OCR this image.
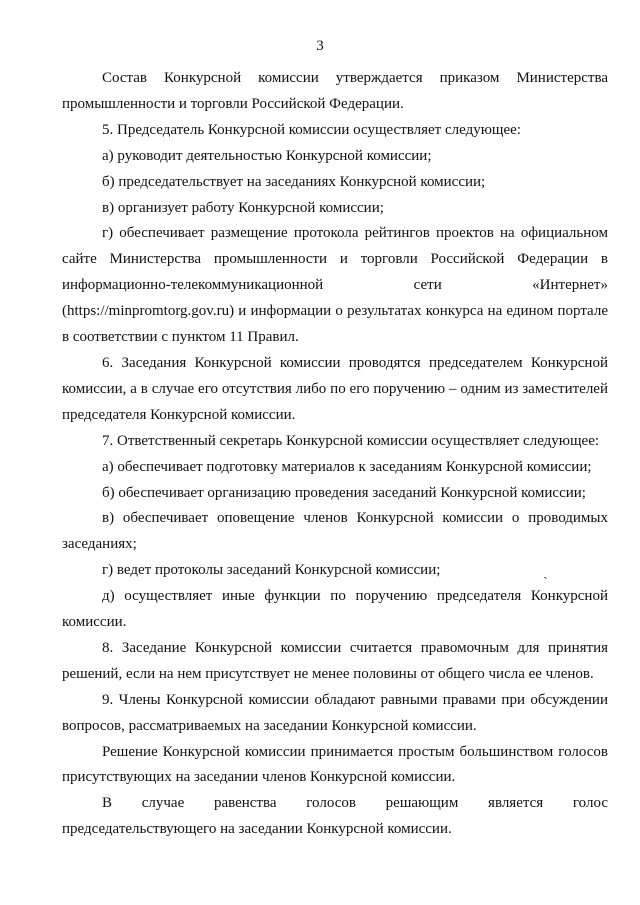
3

Состав Конкурсной комиссии утверждается приказом Министерства промышленности и торговли Российской Федерации.

5. Председатель Конкурсной комиссии осуществляет следующее:

а) руководит деятельностью Конкурсной комиссии;

б) председательствует на заседаниях Конкурсной комиссии;

в) организует работу Конкурсной комиссии;

г) обеспечивает размещение протокола рейтингов проектов на официальном сайте Министерства промышленности и торговли Российской Федерации в информационно-телекоммуникационной сети «Интернет» (https://minpromtorg.gov.ru) и информации о результатах конкурса на едином портале в соответствии с пунктом 11 Правил.

6. Заседания Конкурсной комиссии проводятся председателем Конкурсной комиссии, а в случае его отсутствия либо по его поручению – одним из заместителей председателя Конкурсной комиссии.

7. Ответственный секретарь Конкурсной комиссии осуществляет следующее:

а) обеспечивает подготовку материалов к заседаниям Конкурсной комиссии;

б) обеспечивает организацию проведения заседаний Конкурсной комиссии;

в) обеспечивает оповещение членов Конкурсной комиссии о проводимых заседаниях;

г) ведет протоколы заседаний Конкурсной комиссии;

д) осуществляет иные функции по поручению председателя Конкурсной комиссии.

8. Заседание Конкурсной комиссии считается правомочным для принятия решений, если на нем присутствует не менее половины от общего числа ее членов.

9. Члены Конкурсной комиссии обладают равными правами при обсуждении вопросов, рассматриваемых на заседании Конкурсной комиссии.

Решение Конкурсной комиссии принимается простым большинством голосов присутствующих на заседании членов Конкурсной комиссии.

В случае равенства голосов решающим является голос председательствующего на заседании Конкурсной комиссии.

ˎ
